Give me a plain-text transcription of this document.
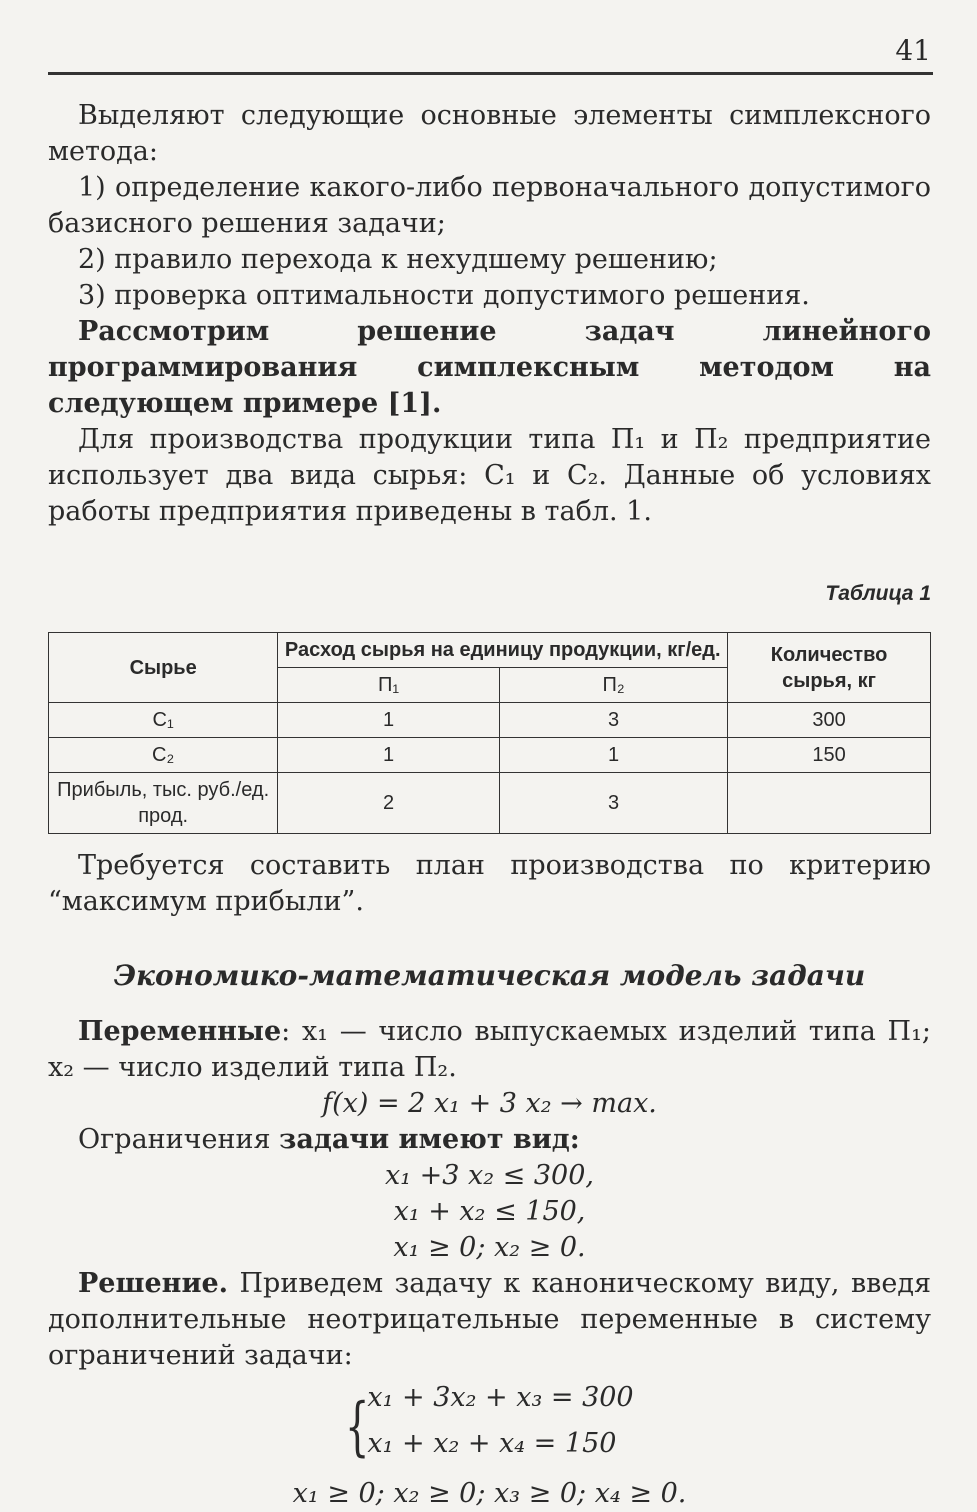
41

Выделяют следующие основные элементы симплексного метода:

1) определение какого-либо первоначального допустимого базисного решения задачи;

2) правило перехода к нехудшему решению;

3) проверка оптимальности допустимого решения.

Рассмотрим решение задач линейного программирования симплексным методом на следующем примере [1].

Для производства продукции типа П₁ и П₂ предприятие использует два вида сырья: С₁ и С₂. Данные об условиях работы предприятия приведены в табл. 1.

Таблица 1
Сырье	Расход сырья на единицу продукции, кг/ед.		Количество сырья, кг
	П₁	П₂	
С₁	1	3	300
С₂	1	1	150
Прибыль, тыс. руб./ед. прод.	2	3	

Требуется составить план производства по критерию “максимум прибыли”.

Экономико-математическая модель задачи

Переменные: x₁ — число выпускаемых изделий типа П₁; x₂ — число изделий типа П₂.

f(x) = 2 x₁ + 3 x₂ → max.

Ограничения задачи имеют вид:

x₁ +3 x₂ ≤ 300,
x₁ + x₂ ≤ 150,
x₁ ≥ 0; x₂ ≥ 0.

Решение. Приведем задачу к каноническому виду, введя дополнительные неотрицательные переменные в систему ограничений задачи:

{
x₁ + 3x₂ + x₃ = 300
x₁ + x₂ + x₄ = 150
x₁ ≥ 0; x₂ ≥ 0; x₃ ≥ 0; x₄ ≥ 0.
